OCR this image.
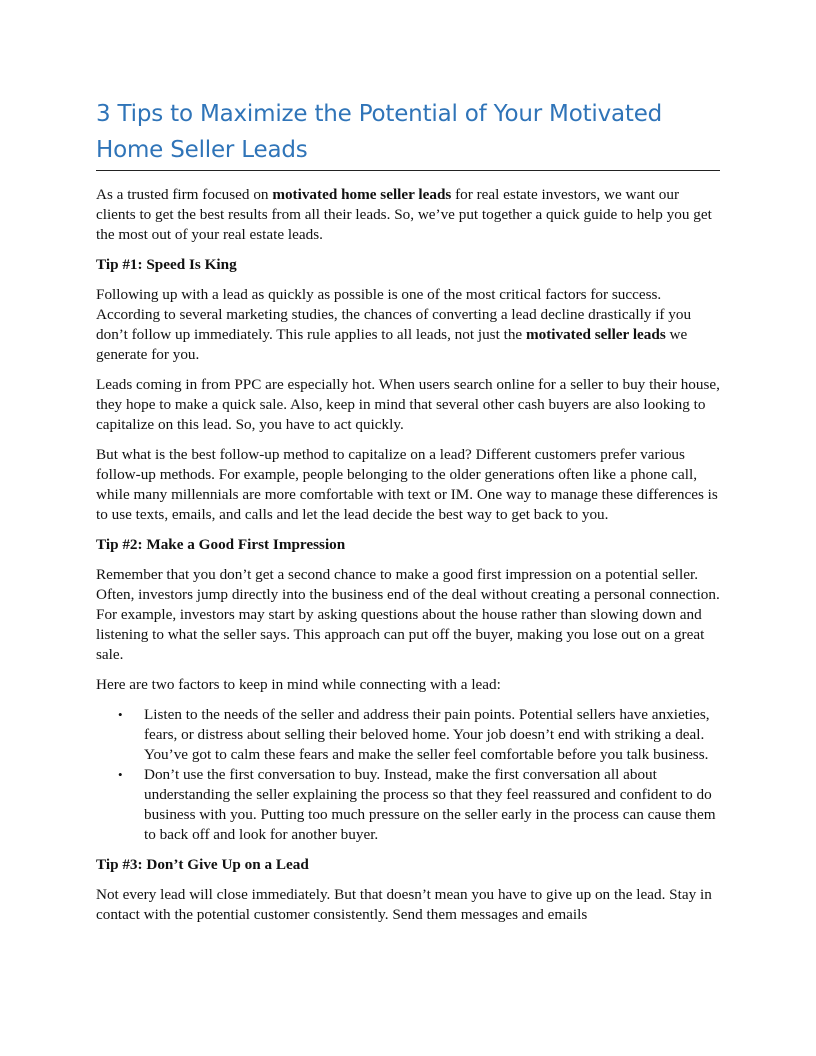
3 Tips to Maximize the Potential of Your Motivated
Home Seller Leads

As a trusted firm focused on motivated home seller leads for real estate investors, we want our clients to get the best results from all their leads. So, we’ve put together a quick guide to help you get the most out of your real estate leads.

Tip #1: Speed Is King

Following up with a lead as quickly as possible is one of the most critical factors for success. According to several marketing studies, the chances of converting a lead decline drastically if you don’t follow up immediately. This rule applies to all leads, not just the motivated seller leads we generate for you.

Leads coming in from PPC are especially hot. When users search online for a seller to buy their house, they hope to make a quick sale. Also, keep in mind that several other cash buyers are also looking to capitalize on this lead. So, you have to act quickly.

But what is the best follow-up method to capitalize on a lead? Different customers prefer various follow-up methods. For example, people belonging to the older generations often like a phone call, while many millennials are more comfortable with text or IM. One way to manage these differences is to use texts, emails, and calls and let the lead decide the best way to get back to you.

Tip #2: Make a Good First Impression

Remember that you don’t get a second chance to make a good first impression on a potential seller. Often, investors jump directly into the business end of the deal without creating a personal connection. For example, investors may start by asking questions about the house rather than slowing down and listening to what the seller says. This approach can put off the buyer, making you lose out on a great sale.

Here are two factors to keep in mind while connecting with a lead:

• Listen to the needs of the seller and address their pain points. Potential sellers have anxieties, fears, or distress about selling their beloved home. Your job doesn’t end with striking a deal. You’ve got to calm these fears and make the seller feel comfortable before you talk business.
• Don’t use the first conversation to buy. Instead, make the first conversation all about understanding the seller explaining the process so that they feel reassured and confident to do business with you. Putting too much pressure on the seller early in the process can cause them to back off and look for another buyer.

Tip #3: Don’t Give Up on a Lead

Not every lead will close immediately. But that doesn’t mean you have to give up on the lead. Stay in contact with the potential customer consistently. Send them messages and emails
